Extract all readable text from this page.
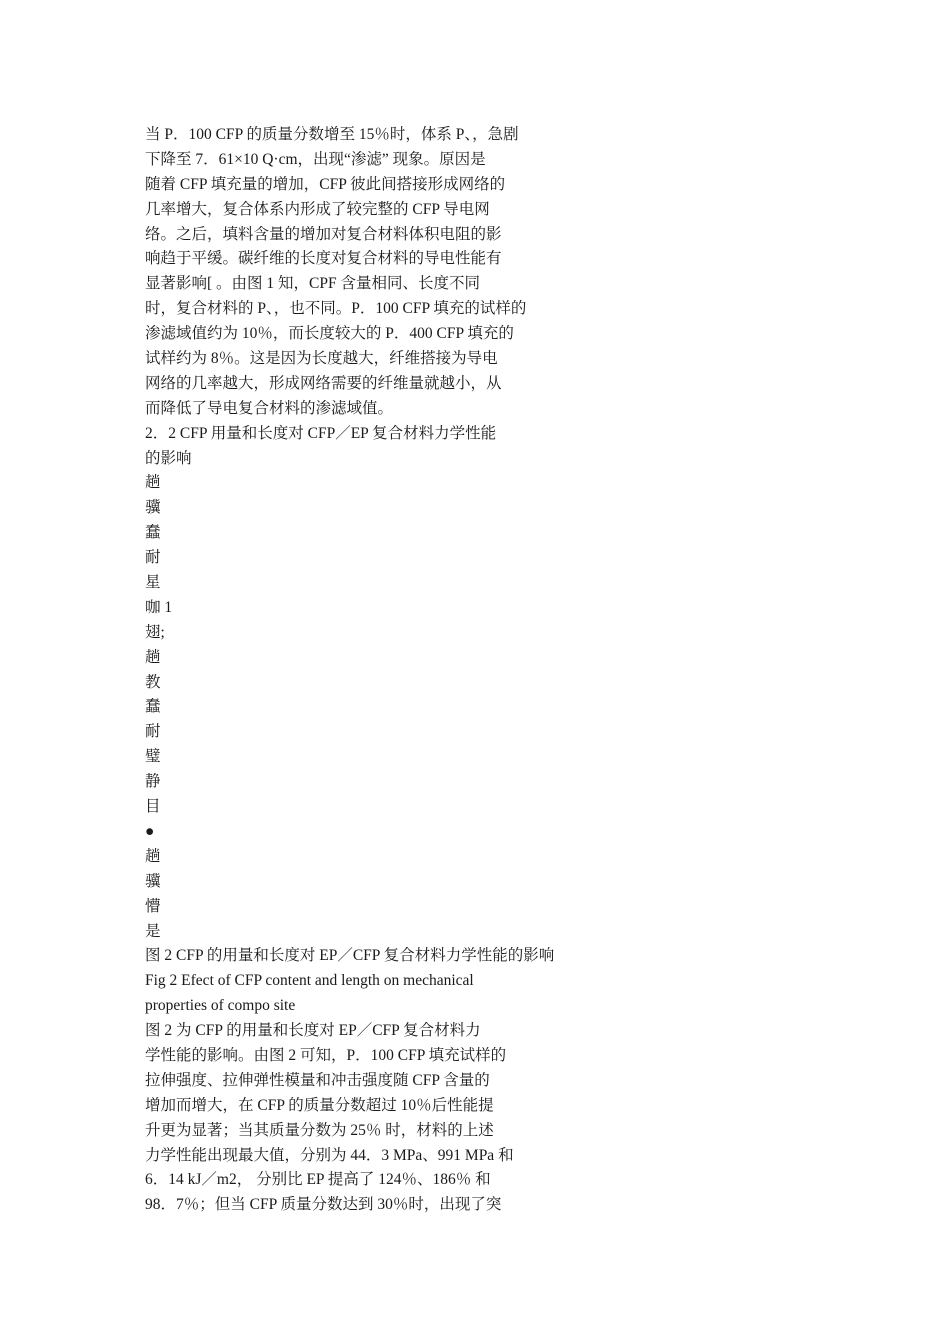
当 P．100 CFP 的质量分数增至 15％时，体系 P、，急剧
下降至 7．61×10 Q·cm，出现“渗滤” 现象。原因是
随着 CFP 填充量的增加，CFP 彼此间搭接形成网络的
几率增大，复合体系内形成了较完整的 CFP 导电网
络。之后，填料含量的增加对复合材料体积电阻的影
响趋于平缓。碳纤维的长度对复合材料的导电性能有
显著影响[ 。由图 1 知，CPF 含量相同、长度不同
时，复合材料的 P、，也不同。P．100 CFP 填充的试样的
渗滤域值约为 10％，而长度较大的 P．400 CFP 填充的
试样约为 8％。这是因为长度越大，纤维搭接为导电
网络的几率越大，形成网络需要的纤维量就越小，从
而降低了导电复合材料的渗滤域值。
2．2 CFP 用量和长度对 CFP／EP 复合材料力学性能
的影响
趟
骥
蠢
耐
星
咖 1
翅;
趟
教
蠢
耐
璧
静
目
●
趟
骥
懵
是
图 2 CFP 的用量和长度对 EP／CFP 复合材料力学性能的影响
Fig 2 Efect of CFP content and length on mechanical
properties of compo site
图 2 为 CFP 的用量和长度对 EP／CFP 复合材料力
学性能的影响。由图 2 可知，P．100 CFP 填充试样的
拉伸强度、拉伸弹性模量和冲击强度随 CFP 含量的
增加而增大，在 CFP 的质量分数超过 10％后性能提
升更为显著；当其质量分数为 25％ 时，材料的上述
力学性能出现最大值，分别为 44．3 MPa、991 MPa 和
6．14 kJ／m2， 分别比 EP 提高了 124％、186％ 和
98．7％；但当 CFP 质量分数达到 30％时，出现了突
